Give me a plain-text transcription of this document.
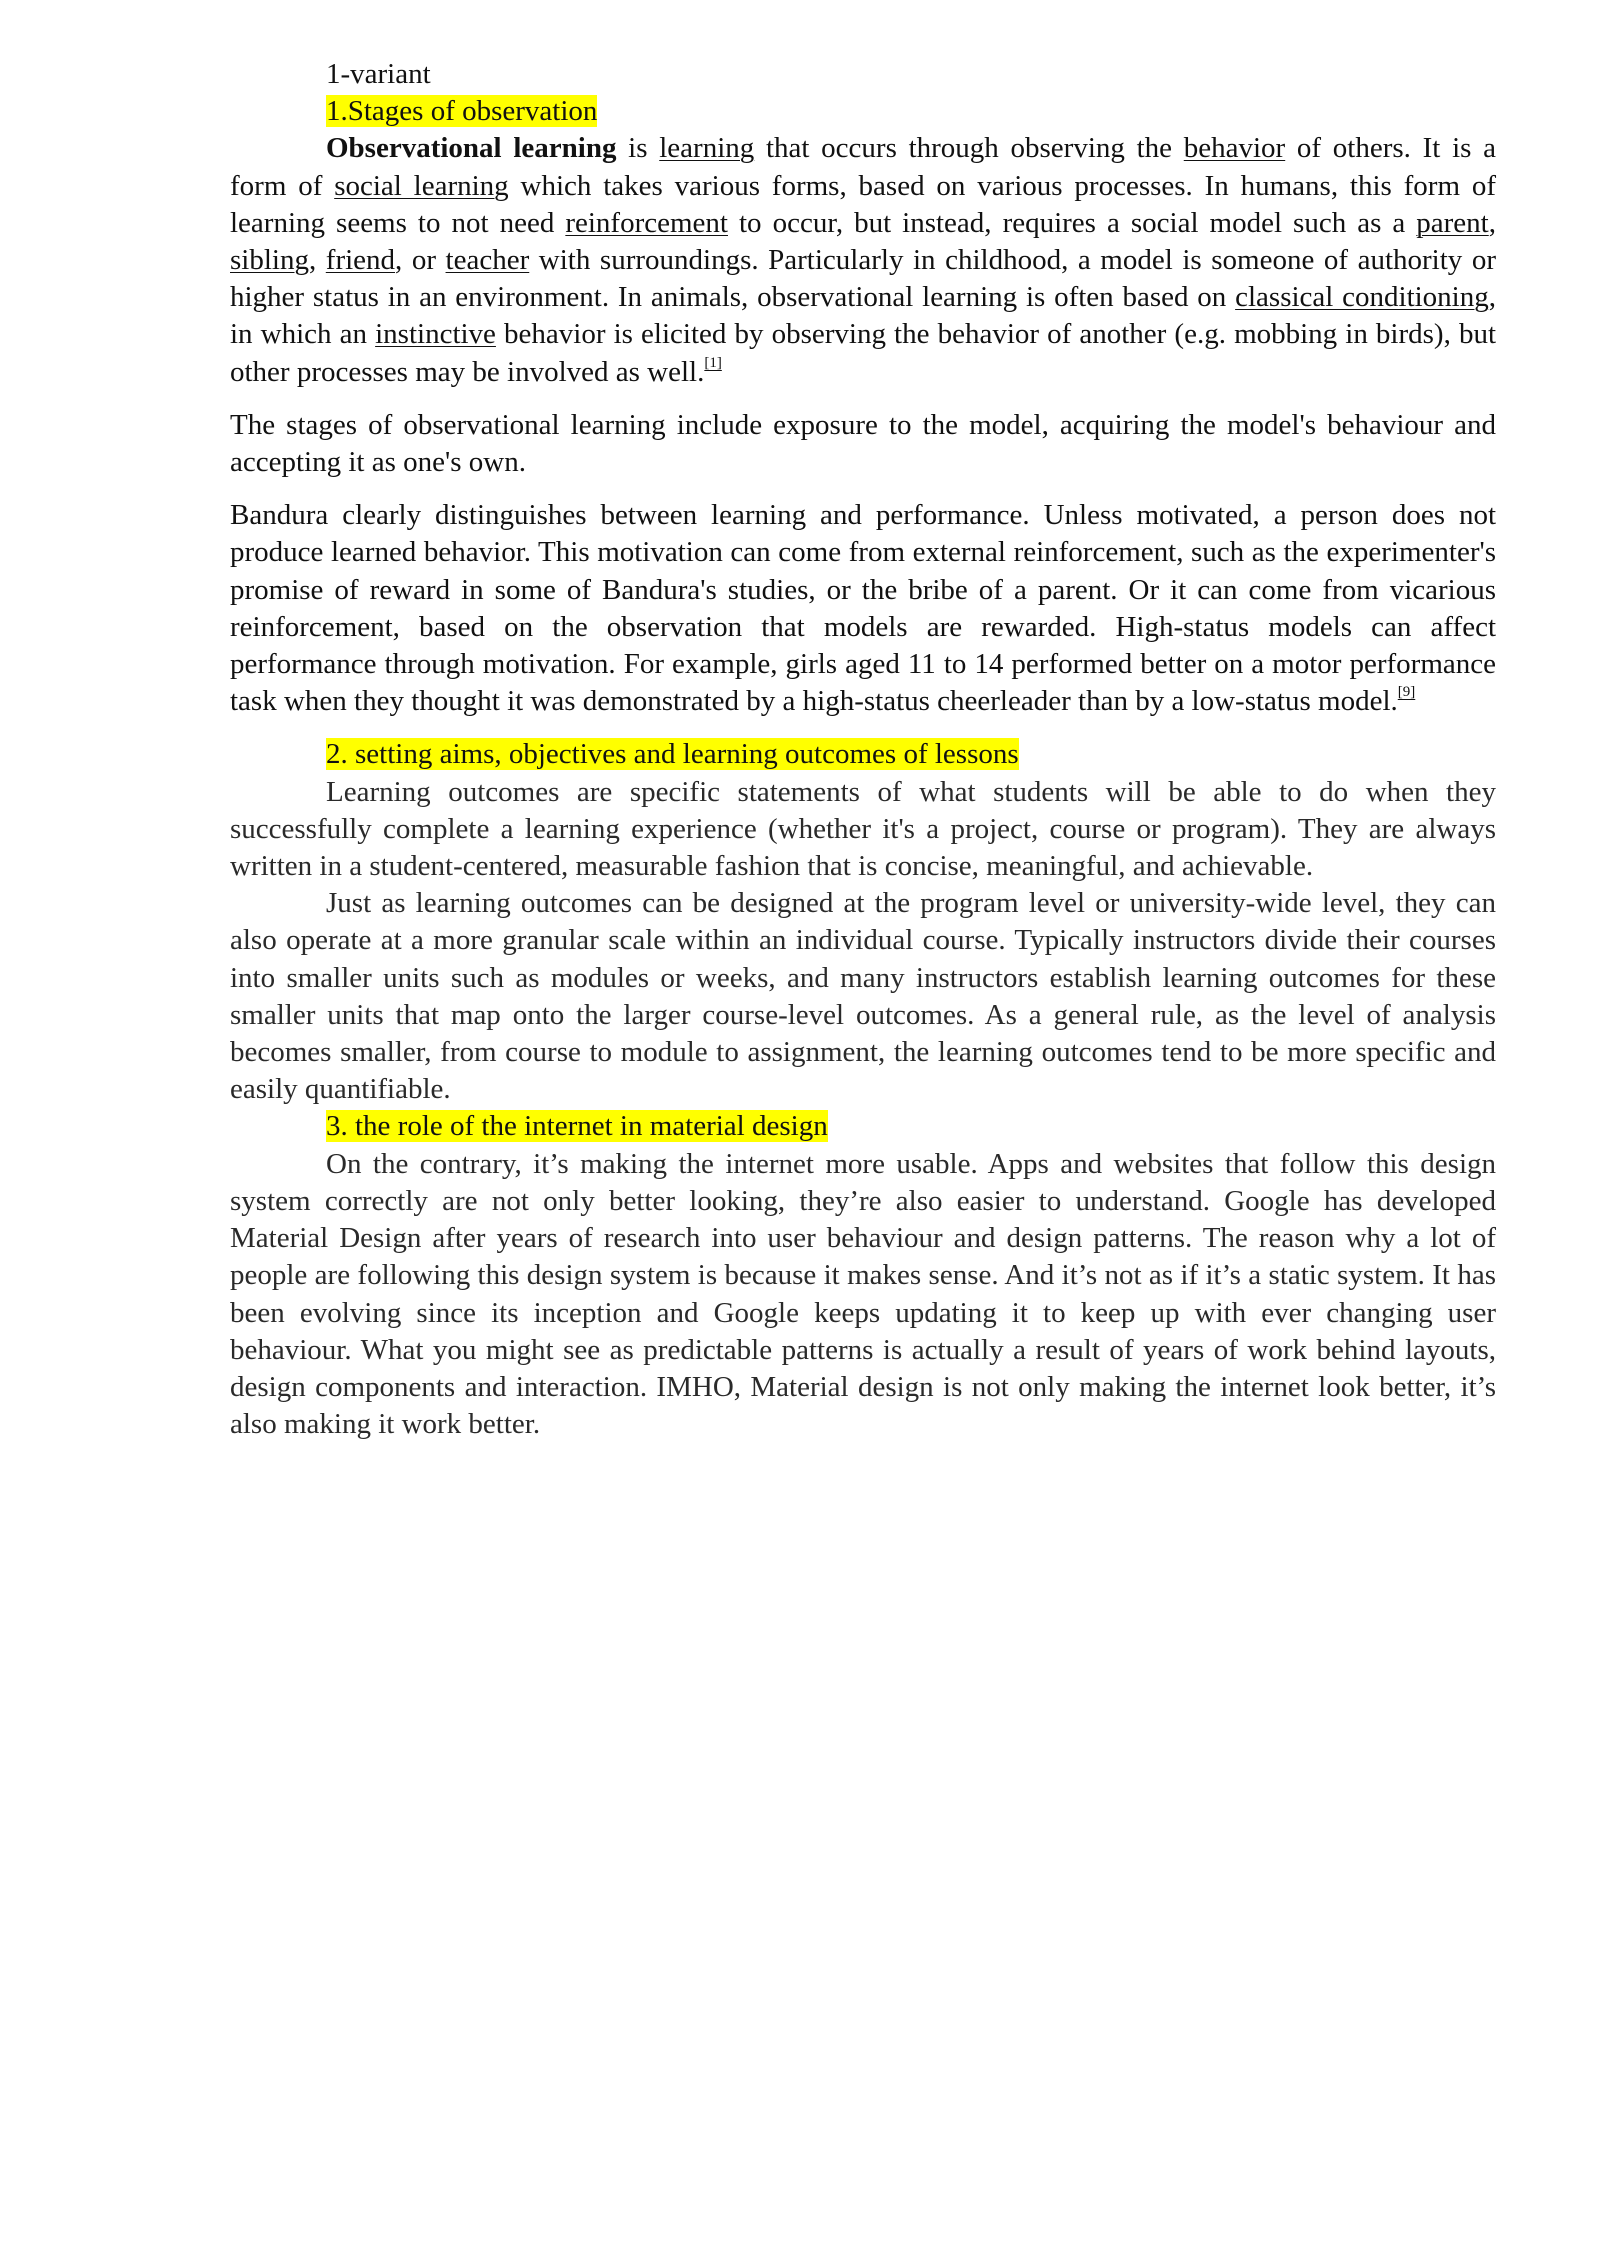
1-variant

1.Stages of observation

Observational learning is learning that occurs through observing the behavior of others. It is a form of social learning which takes various forms, based on various processes. In humans, this form of learning seems to not need reinforcement to occur, but instead, requires a social model such as a parent, sibling, friend, or teacher with surroundings. Particularly in childhood, a model is someone of authority or higher status in an environment. In animals, observational learning is often based on classical conditioning, in which an instinctive behavior is elicited by observing the behavior of another (e.g. mobbing in birds), but other processes may be involved as well.[1]

The stages of observational learning include exposure to the model, acquiring the model's behaviour and accepting it as one's own.

Bandura clearly distinguishes between learning and performance. Unless motivated, a person does not produce learned behavior. This motivation can come from external reinforcement, such as the experimenter's promise of reward in some of Bandura's studies, or the bribe of a parent. Or it can come from vicarious reinforcement, based on the observation that models are rewarded. High-status models can affect performance through motivation. For example, girls aged 11 to 14 performed better on a motor performance task when they thought it was demonstrated by a high-status cheerleader than by a low-status model.[9]

2. setting aims, objectives and learning outcomes of lessons

Learning outcomes are specific statements of what students will be able to do when they successfully complete a learning experience (whether it's a project, course or program). They are always written in a student-centered, measurable fashion that is concise, meaningful, and achievable.

Just as learning outcomes can be designed at the program level or university-wide level, they can also operate at a more granular scale within an individual course. Typically instructors divide their courses into smaller units such as modules or weeks, and many instructors establish learning outcomes for these smaller units that map onto the larger course-level outcomes. As a general rule, as the level of analysis becomes smaller, from course to module to assignment, the learning outcomes tend to be more specific and easily quantifiable.

3. the role of the internet in material design

On the contrary, it’s making the internet more usable. Apps and websites that follow this design system correctly are not only better looking, they’re also easier to understand. Google has developed Material Design after years of research into user behaviour and design patterns. The reason why a lot of people are following this design system is because it makes sense. And it’s not as if it’s a static system. It has been evolving since its inception and Google keeps updating it to keep up with ever changing user behaviour. What you might see as predictable patterns is actually a result of years of work behind layouts, design components and interaction. IMHO, Material design is not only making the internet look better, it’s also making it work better.
